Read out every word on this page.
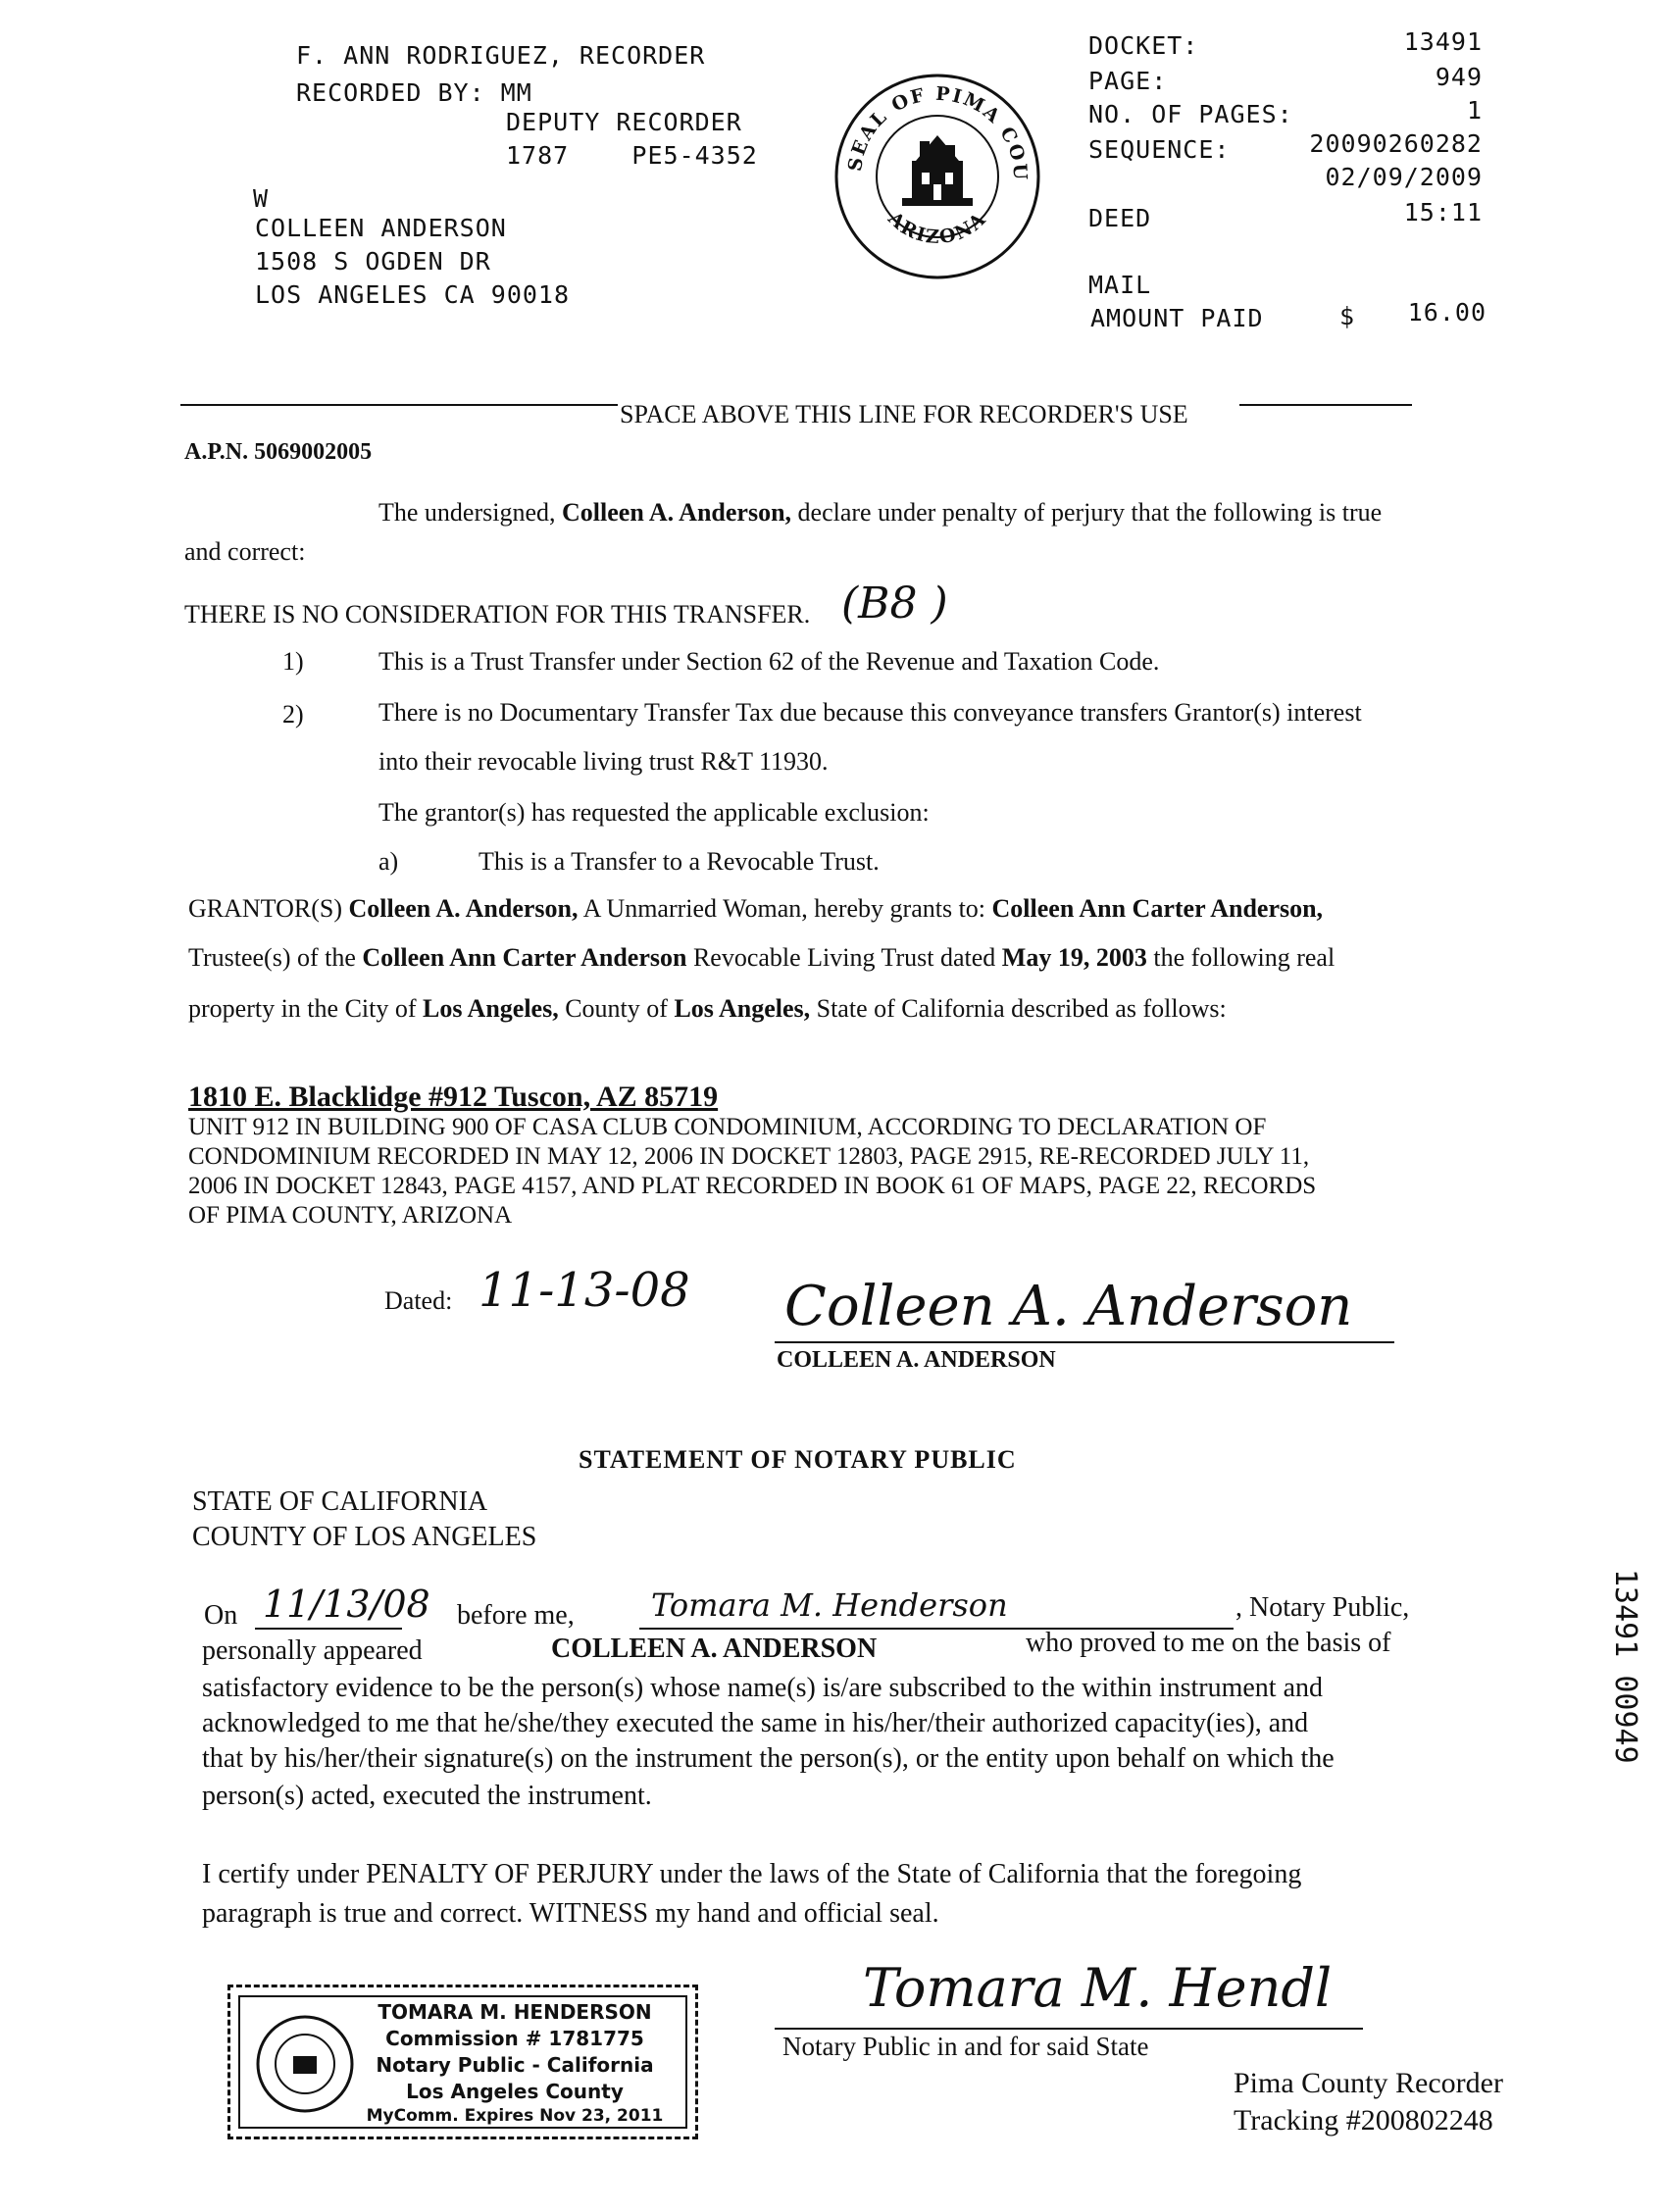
F. ANN RODRIGUEZ, RECORDER
RECORDED BY: MM
DEPUTY RECORDER
1787    PE5-4352
W
COLLEEN ANDERSON
1508 S OGDEN DR
LOS ANGELES CA 90018
SEAL OF PIMA COU
ARIZONA
DOCKET:	13491
PAGE:	949
NO. OF PAGES:	1
SEQUENCE:	20090260282
02/09/2009
DEED	15:11
MAIL
AMOUNT PAID	$ 16.00
SPACE ABOVE THIS LINE FOR RECORDER'S USE
A.P.N. 5069002005
The undersigned, Colleen A. Anderson, declare under penalty of perjury that the following is true
and correct:
THERE IS NO CONSIDERATION FOR THIS TRANSFER. (B8 )
1)	This is a Trust Transfer under Section 62 of the Revenue and Taxation Code.
2)	There is no Documentary Transfer Tax due because this conveyance transfers Grantor(s) interest
into their revocable living trust R&T 11930.
The grantor(s) has requested the applicable exclusion:
a)	This is a Transfer to a Revocable Trust.
GRANTOR(S) Colleen A. Anderson, A Unmarried Woman, hereby grants to: Colleen Ann Carter Anderson,
Trustee(s) of the Colleen Ann Carter Anderson Revocable Living Trust dated May 19, 2003 the following real
property in the City of Los Angeles, County of Los Angeles, State of California described as follows:
1810 E. Blacklidge #912 Tuscon, AZ 85719
UNIT 912 IN BUILDING 900 OF CASA CLUB CONDOMINIUM, ACCORDING TO DECLARATION OF
CONDOMINIUM RECORDED IN MAY 12, 2006 IN DOCKET 12803, PAGE 2915, RE-RECORDED JULY 11,
2006 IN DOCKET 12843, PAGE 4157, AND PLAT RECORDED IN BOOK 61 OF MAPS, PAGE 22, RECORDS
OF PIMA COUNTY, ARIZONA
Dated: 11-13-08 Colleen A. Anderson
COLLEEN A. ANDERSON
STATEMENT OF NOTARY PUBLIC
STATE OF CALIFORNIA
COUNTY OF LOS ANGELES
On 11/13/08 before me, Tomara M. Henderson	, Notary Public,
personally appeared	COLLEEN A. ANDERSON	who proved to me on the basis of
satisfactory evidence to be the person(s) whose name(s) is/are subscribed to the within instrument and
acknowledged to me that he/she/they executed the same in his/her/their authorized capacity(ies), and
that by his/her/their signature(s) on the instrument the person(s), or the entity upon behalf on which the
person(s) acted, executed the instrument.
I certify under PENALTY OF PERJURY under the laws of the State of California that the foregoing
paragraph is true and correct. WITNESS my hand and official seal.
TOMARA M. HENDERSON
Commission # 1781775
Notary Public - California
Los Angeles County
MyComm. Expires Nov 23, 2011
Tomara M. Hendl
Notary Public in and for said State
Pima County Recorder
Tracking #200802248
13491 00949
